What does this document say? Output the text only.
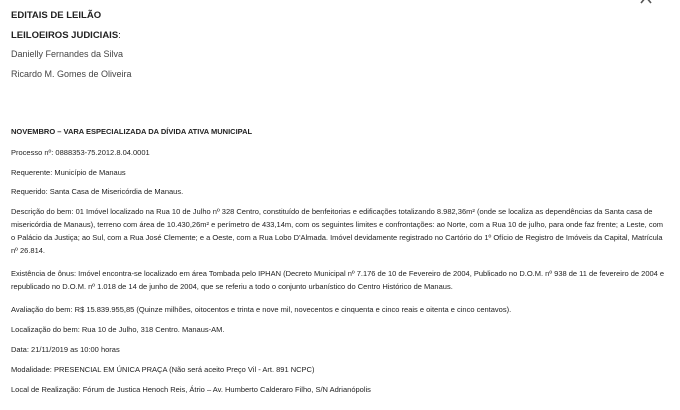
EDITAIS DE LEILÃO
LEILOEIROS JUDICIAIS:
Danielly Fernandes da Silva
Ricardo M. Gomes de Oliveira
NOVEMBRO – VARA ESPECIALIZADA DA DÍVIDA ATIVA MUNICIPAL
Processo nº: 0888353-75.2012.8.04.0001
Requerente: Município de Manaus
Requerido: Santa Casa de Misericórdia de Manaus.
Descrição do bem: 01 Imóvel localizado na Rua 10 de Julho nº 328 Centro, constituído de benfeitorias e edificações totalizando 8.982,36m² (onde se localiza as dependências da Santa casa de misericórdia de Manaus), terreno com área de 10.430,26m² e perímetro de 433,14m, com os seguintes limites e confrontações: ao Norte, com a Rua 10 de julho, para onde faz frente; a Leste, com o Palácio da Justiça; ao Sul, com a Rua José Clemente; e a Oeste, com a Rua Lobo D'Almada. Imóvel devidamente registrado no Cartório do 1º Ofício de Registro de Imóveis da Capital, Matrícula nº 26.814.
Existência de ônus: Imóvel encontra-se localizado em área Tombada pelo IPHAN (Decreto Municipal nº 7.176 de 10 de Fevereiro de 2004, Publicado no D.O.M. nº 938 de 11 de fevereiro de 2004 e republicado no D.O.M. nº 1.018 de 14 de junho de 2004, que se referiu a todo o conjunto urbanístico do Centro Histórico de Manaus.
Avaliação do bem: R$ 15.839.955,85 (Quinze milhões, oitocentos e trinta e nove mil, novecentos e cinquenta e cinco reais e oitenta e cinco centavos).
Localização do bem: Rua 10 de Julho, 318 Centro. Manaus-AM.
Data: 21/11/2019 as 10:00 horas
Modalidade: PRESENCIAL EM ÚNICA PRAÇA (Não será aceito Preço Vil - Art. 891 NCPC)
Local de Realização: Fórum de Justica Henoch Reis, Átrio – Av. Humberto Calderaro Filho, S/N Adrianópolis
